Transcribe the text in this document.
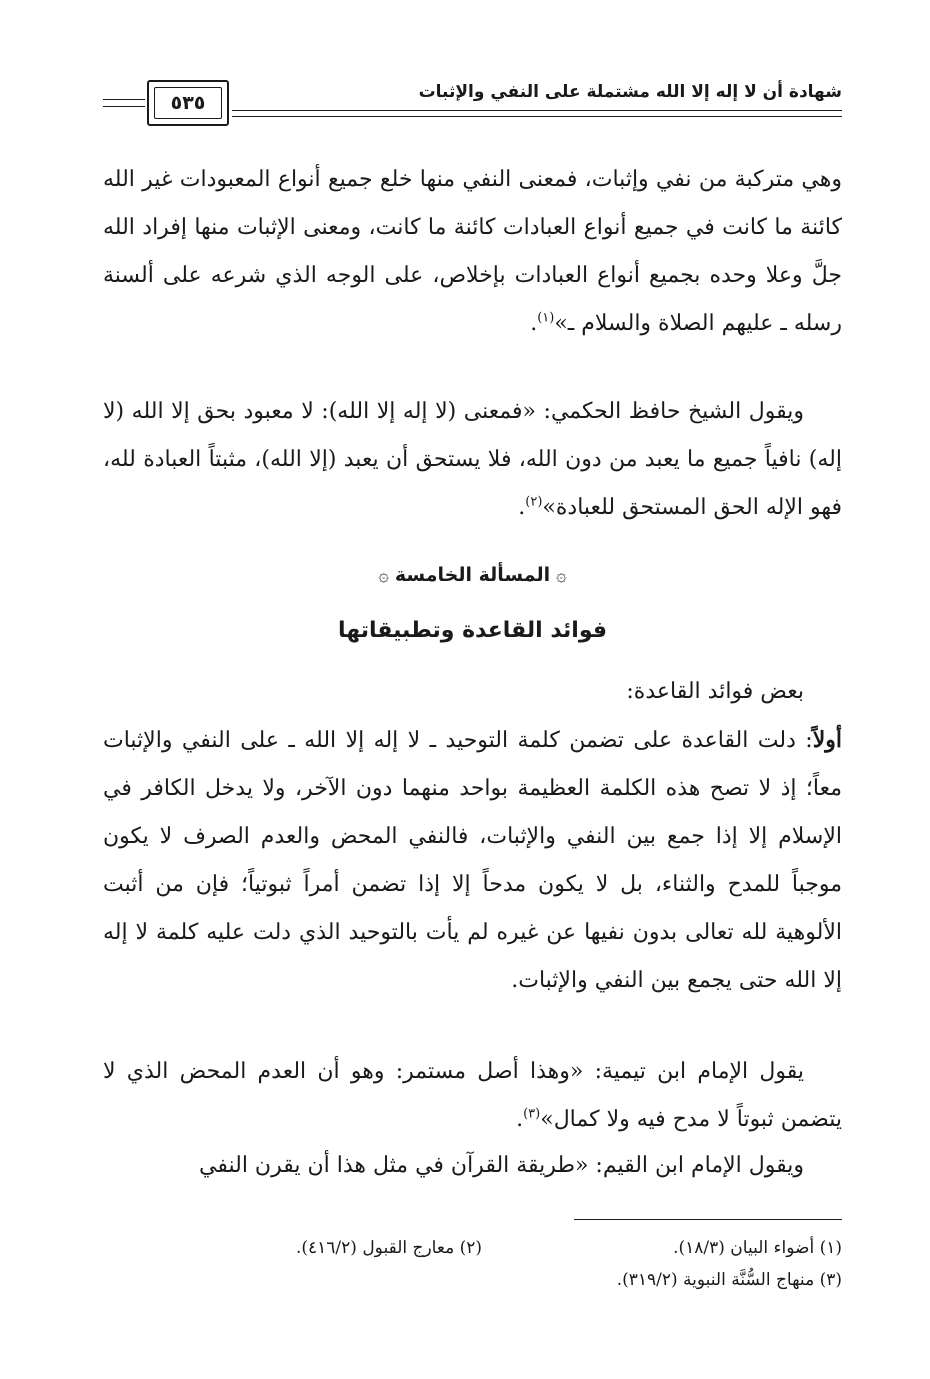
شهادة أن لا إله إلا الله مشتملة على النفي والإثبات
٥٣٥

وهي متركبة من نفي وإثبات، فمعنى النفي منها خلع جميع أنواع المعبودات غير الله كائنة ما كانت في جميع أنواع العبادات كائنة ما كانت، ومعنى الإثبات منها إفراد الله جلَّ وعلا وحده بجميع أنواع العبادات بإخلاص، على الوجه الذي شرعه على ألسنة رسله ـ عليهم الصلاة والسلام ـ»$^{(١)}$.

ويقول الشيخ حافظ الحكمي: «فمعنى (لا إله إلا الله): لا معبود بحق إلا الله (لا إله) نافياً جميع ما يعبد من دون الله، فلا يستحق أن يعبد (إلا الله)، مثبتاً العبادة لله، فهو الإله الحق المستحق للعبادة»$^{(٢)}$.

۞المسألة الخامسة۞
فوائد القاعدة وتطبيقاتها

بعض فوائد القاعدة:

أولاً: دلت القاعدة على تضمن كلمة التوحيد ـ لا إله إلا الله ـ على النفي والإثبات معاً؛ إذ لا تصح هذه الكلمة العظيمة بواحد منهما دون الآخر، ولا يدخل الكافر في الإسلام إلا إذا جمع بين النفي والإثبات، فالنفي المحض والعدم الصرف لا يكون موجباً للمدح والثناء، بل لا يكون مدحاً إلا إذا تضمن أمراً ثبوتياً؛ فإن من أثبت الألوهية لله تعالى بدون نفيها عن غيره لم يأت بالتوحيد الذي دلت عليه كلمة لا إله إلا الله حتى يجمع بين النفي والإثبات.

يقول الإمام ابن تيمية: «وهذا أصل مستمر: وهو أن العدم المحض الذي لا يتضمن ثبوتاً لا مدح فيه ولا كمال»$^{(٣)}$.

ويقول الإمام ابن القيم: «طريقة القرآن في مثل هذا أن يقرن النفي

(١) أضواء البيان (١٨/٣).
(٢) معارج القبول (٤١٦/٢).
(٣) منهاج السُّنَّة النبوية (٣١٩/٢).
